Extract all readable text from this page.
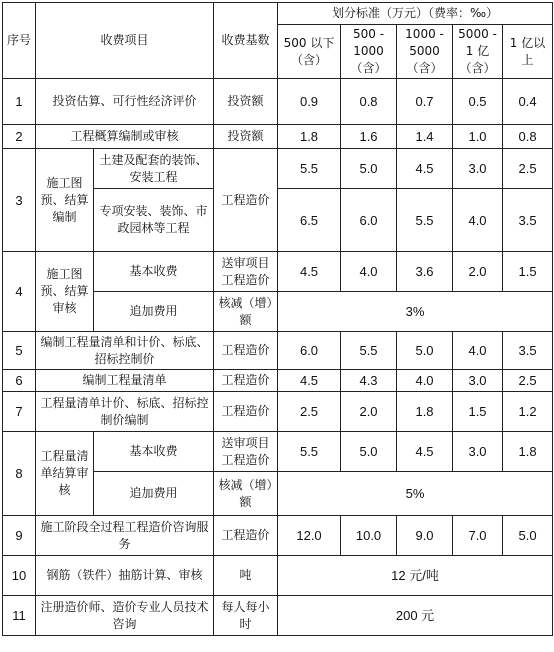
序号	收费项目		收费基数	划分标准（万元）（费率：‰）				
				500 以下（含）	500 - 1000（含）	1000 - 5000（含）	5000 - 1 亿（含）	1 亿以上
1	投资估算、可行性经济评价		投资额	0.9	0.8	0.7	0.5	0.4
2	工程概算编制或审核		投资额	1.8	1.6	1.4	1.0	0.8
3	施工图预、结算编制	土建及配套的装饰、安装工程	工程造价	5.5	5.0	4.5	3.0	2.5
		专项安装、装饰、市政园林等工程		6.5	6.0	5.5	4.0	3.5
4	施工图预、结算审核	基本收费	送审项目工程造价	4.5	4.0	3.6	2.0	1.5
		追加费用	核减（增）额	3%				
5	编制工程量清单和计价、标底、招标控制价		工程造价	6.0	5.5	5.0	4.0	3.5
6	编制工程量清单		工程造价	4.5	4.3	4.0	3.0	2.5
7	工程量清单计价、标底、招标控制价编制		工程造价	2.5	2.0	1.8	1.5	1.2
8	工程量清单结算审核	基本收费	送审项目工程造价	5.5	5.0	4.5	3.0	1.8
		追加费用	核减（增）额	5%				
9	施工阶段全过程工程造价咨询服务		工程造价	12.0	10.0	9.0	7.0	5.0
10	钢筋（铁件）抽筋计算、审核		吨	12 元/吨				
11	注册造价师、造价专业人员技术咨询		每人每小时	200 元				
